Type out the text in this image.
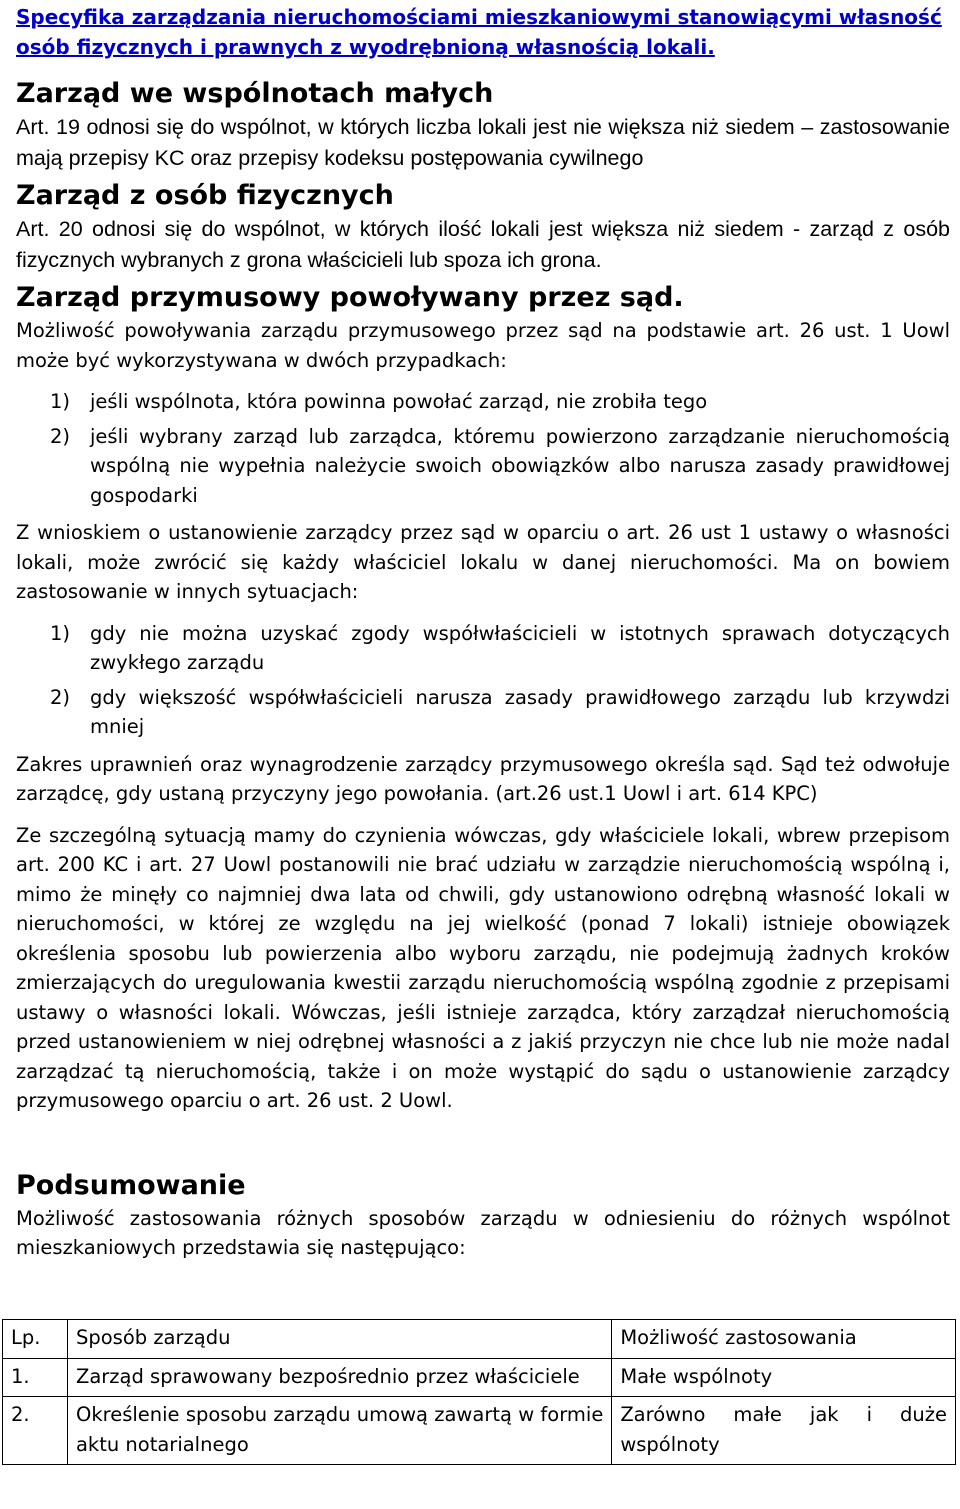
Specyfika zarządzania nieruchomościami mieszkaniowymi stanowiącymi własność osób fizycznych i prawnych z wyodrębnioną własnością lokali.
Zarząd we wspólnotach małych

Art. 19 odnosi się do wspólnot, w których liczba lokali jest nie większa niż siedem – zastosowanie mają przepisy KC oraz przepisy kodeksu postępowania cywilnego

Zarząd z osób fizycznych

Art. 20 odnosi się do wspólnot, w których ilość lokali jest większa niż siedem - zarząd z osób fizycznych wybranych z grona właścicieli lub spoza ich grona.

Zarząd przymusowy powoływany przez sąd.

Możliwość powoływania zarządu przymusowego przez sąd na podstawie art. 26 ust. 1 Uowl może być wykorzystywana w dwóch przypadkach:

1) jeśli wspólnota, która powinna powołać zarząd, nie zrobiła tego
2) jeśli wybrany zarząd lub zarządca, któremu powierzono zarządzanie nieruchomością wspólną nie wypełnia należycie swoich obowiązków albo narusza zasady prawidłowej gospodarki

Z wnioskiem o ustanowienie zarządcy przez sąd w oparciu o art. 26 ust 1 ustawy o własności lokali, może zwrócić się każdy właściciel lokalu w danej nieruchomości. Ma on bowiem zastosowanie w innych sytuacjach:

1) gdy nie można uzyskać zgody współwłaścicieli w istotnych sprawach dotyczących zwykłego zarządu
2) gdy większość współwłaścicieli narusza zasady prawidłowego zarządu lub krzywdzi mniej

Zakres uprawnień oraz wynagrodzenie zarządcy przymusowego określa sąd. Sąd też odwołuje zarządcę, gdy ustaną przyczyny jego powołania. (art.26 ust.1 Uowl i art. 614 KPC)

Ze szczególną sytuacją mamy do czynienia wówczas, gdy właściciele lokali, wbrew przepisom art. 200 KC i art. 27 Uowl postanowili nie brać udziału w zarządzie nieruchomością wspólną i, mimo że minęły co najmniej dwa lata od chwili, gdy ustanowiono odrębną własność lokali w nieruchomości, w której ze względu na jej wielkość (ponad 7 lokali) istnieje obowiązek określenia sposobu lub powierzenia albo wyboru zarządu, nie podejmują żadnych kroków zmierzających do uregulowania kwestii zarządu nieruchomością wspólną zgodnie z przepisami ustawy o własności lokali. Wówczas, jeśli istnieje zarządca, który zarządzał nieruchomością przed ustanowieniem w niej odrębnej własności a z jakiś przyczyn nie chce lub nie może nadal zarządzać tą nieruchomością, także i on może wystąpić do sądu o ustanowienie zarządcy przymusowego oparciu o art. 26 ust. 2 Uowl.

Podsumowanie

Możliwość zastosowania różnych sposobów zarządu w odniesieniu do różnych wspólnot mieszkaniowych przedstawia się następująco:

Lp.	Sposób zarządu	Możliwość zastosowania
1.	Zarząd sprawowany bezpośrednio przez właściciele	Małe wspólnoty
2.	Określenie sposobu zarządu umową zawartą w formie aktu notarialnego	Zarówno małe jak i duże wspólnoty
